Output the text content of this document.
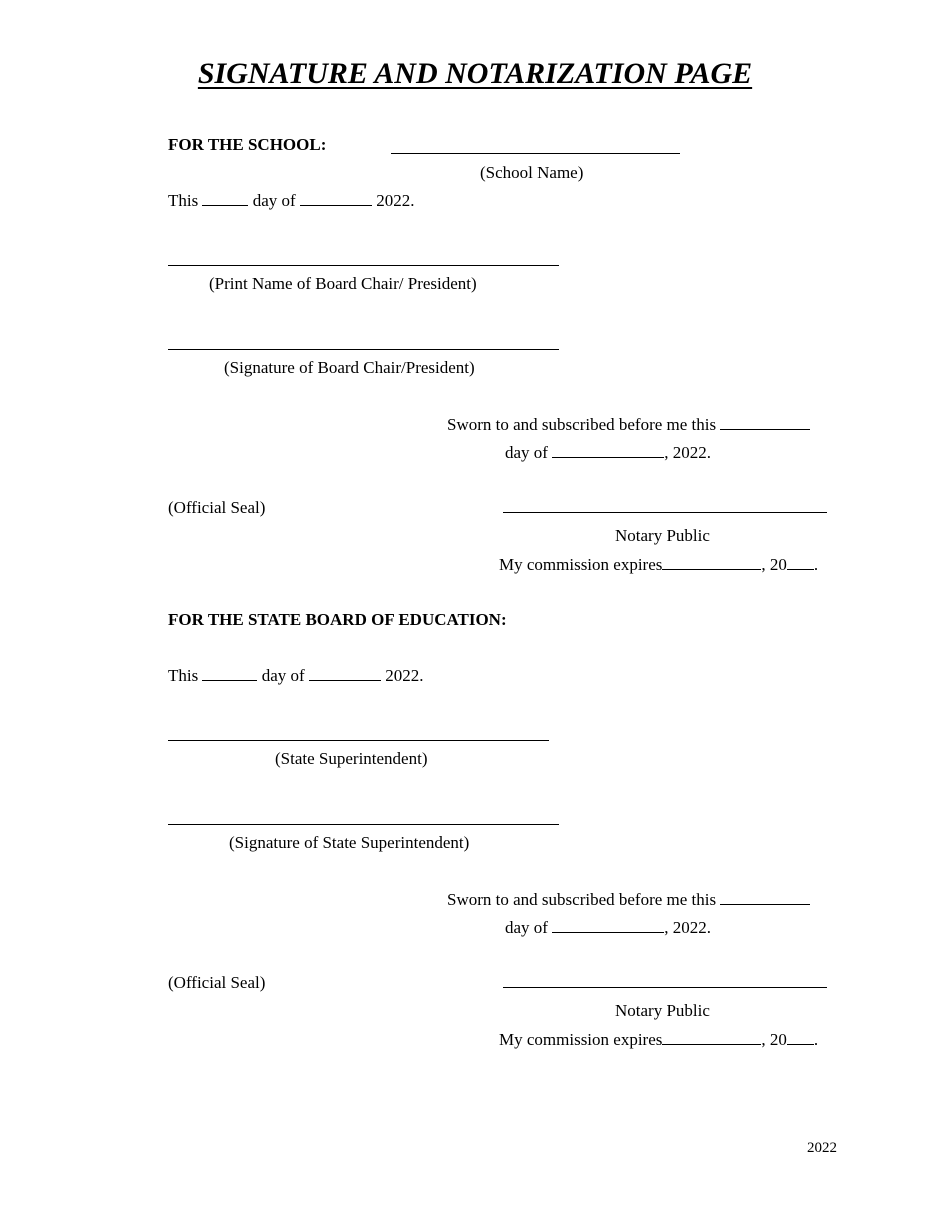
SIGNATURE AND NOTARIZATION PAGE
FOR THE SCHOOL:
(School Name)
This	day of	2022.
(Print Name of Board Chair/ President)
(Signature of Board Chair/President)
Sworn to and subscribed before me this
day of	, 2022.
(Official Seal)
Notary Public
My commission expires	, 20 .
FOR THE STATE BOARD OF EDUCATION:
This	day of	2022.
(State Superintendent)
(Signature of State Superintendent)
Sworn to and subscribed before me this
day of	, 2022.
(Official Seal)
Notary Public
My commission expires	, 20 .
2022
